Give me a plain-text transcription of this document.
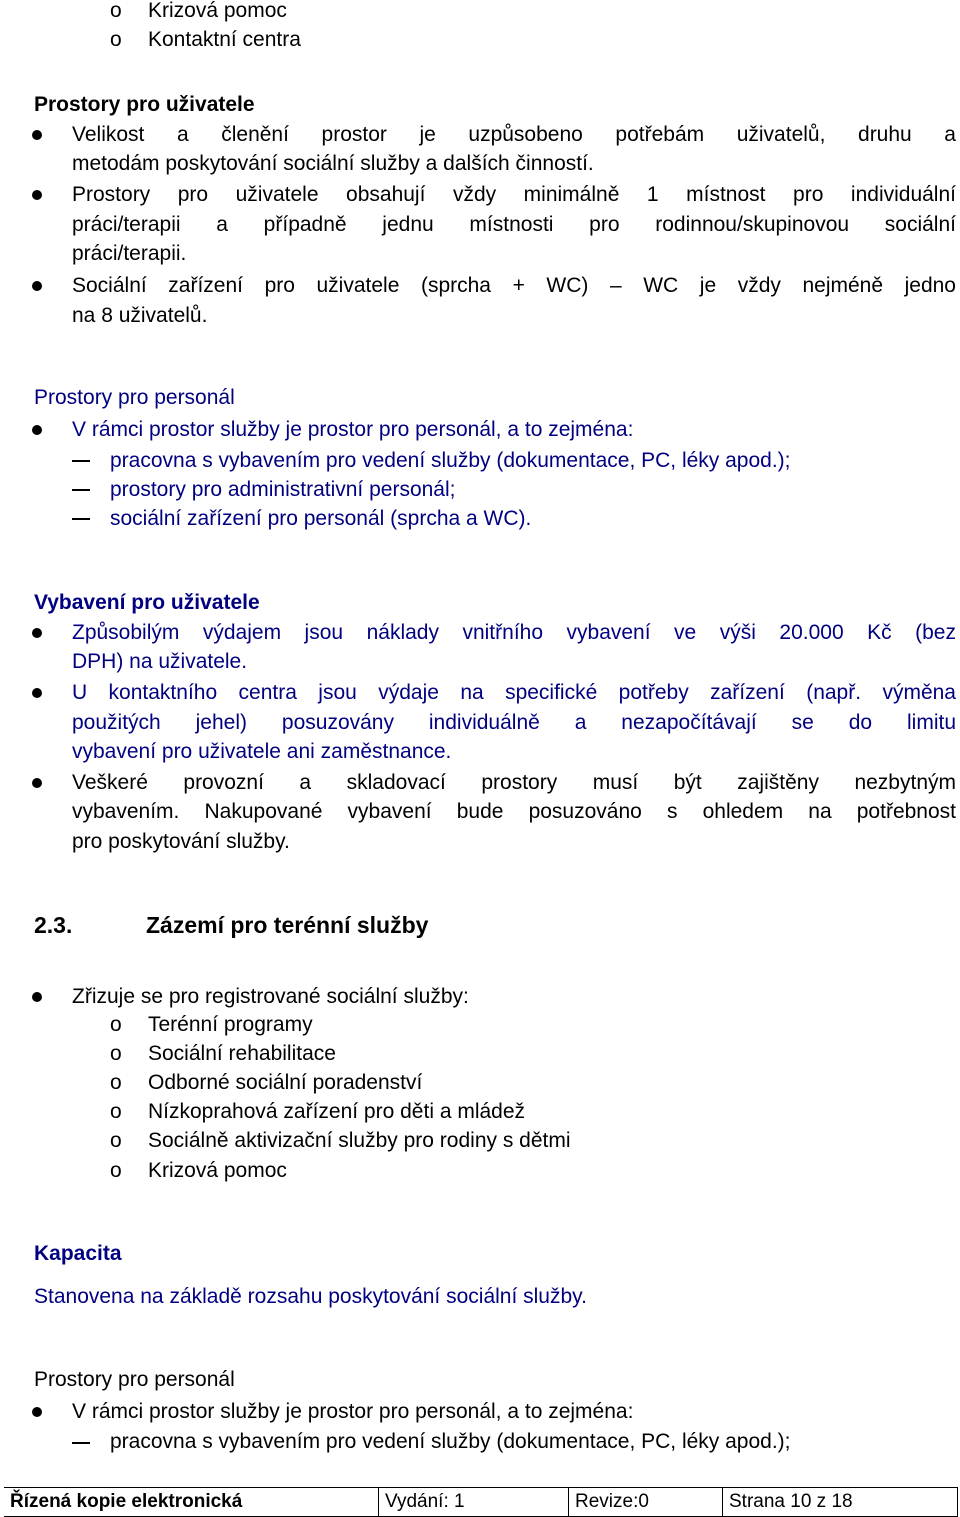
o Krizová pomoc
o Kontaktní centra
Prostory pro uživatele
Velikost a členění prostor je uzpůsobeno potřebám uživatelů, druhu a
metodám poskytování sociální služby a dalších činností.
Prostory pro uživatele obsahují vždy minimálně 1 místnost pro individuální
práci/terapii a případně jednu místnosti pro rodinnou/skupinovou sociální
práci/terapii.
Sociální zařízení pro uživatele (sprcha + WC) – WC je vždy nejméně jedno
na 8 uživatelů.
Prostory pro personál
V rámci prostor služby je prostor pro personál, a to zejména:
pracovna s vybavením pro vedení služby (dokumentace, PC, léky apod.);
prostory pro administrativní personál;
sociální zařízení pro personál (sprcha a WC).
Vybavení pro uživatele
Způsobilým výdajem jsou náklady vnitřního vybavení ve výši 20.000 Kč (bez
DPH) na uživatele.
U kontaktního centra jsou výdaje na specifické potřeby zařízení (např. výměna
použitých jehel) posuzovány individuálně a nezapočítávají se do limitu
vybavení pro uživatele ani zaměstnance.
Veškeré provozní a skladovací prostory musí být zajištěny nezbytným
vybavením. Nakupované vybavení bude posuzováno s ohledem na potřebnost
pro poskytování služby.
2.3.	Zázemí pro terénní služby
Zřizuje se pro registrované sociální služby:
o Terénní programy
o Sociální rehabilitace
o Odborné sociální poradenství
o Nízkoprahová zařízení pro děti a mládež
o Sociálně aktivizační služby pro rodiny s dětmi
o Krizová pomoc
Kapacita
Stanovena na základě rozsahu poskytování sociální služby.
Prostory pro personál
V rámci prostor služby je prostor pro personál, a to zejména:
pracovna s vybavením pro vedení služby (dokumentace, PC, léky apod.);
Řízená kopie elektronická	Vydání: 1	Revize:0	Strana 10 z 18
